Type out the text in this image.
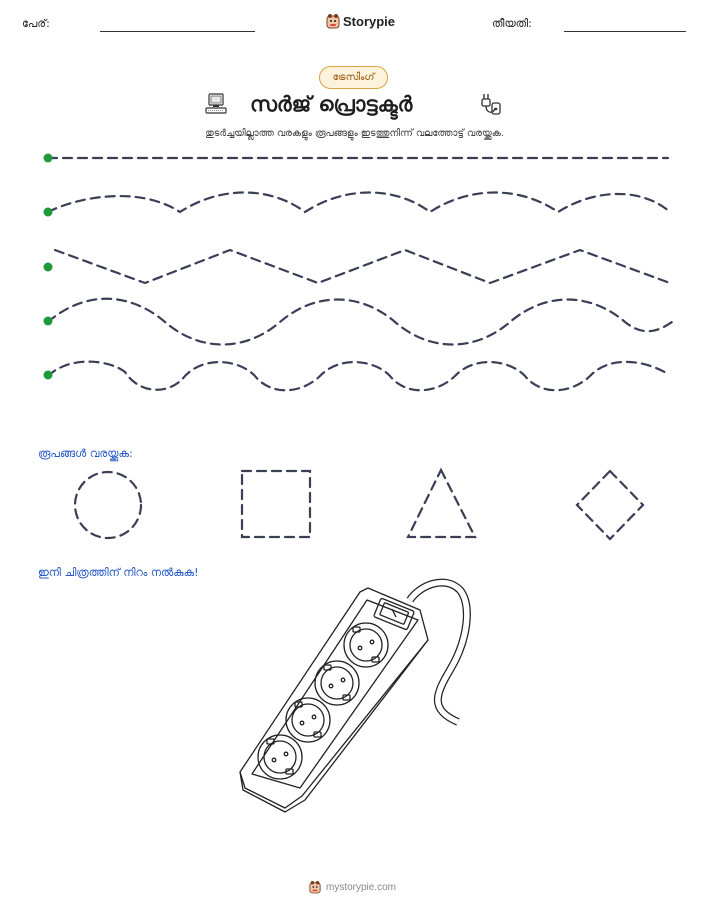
പേര്:	Storypie	തീയതി:
ട്രേസിംഗ്
സർജ് പ്രൊട്ടക്ടർ
തുടർച്ചയില്ലാത്ത വരകളും രൂപങ്ങളും ഇടത്തുനിന്ന് വലത്തോട്ട് വരയ്ക്കുക.
രൂപങ്ങൾ വരയ്ക്കുക:
ഇനി ചിത്രത്തിന് നിറം നൽകുക!
mystorypie.com
